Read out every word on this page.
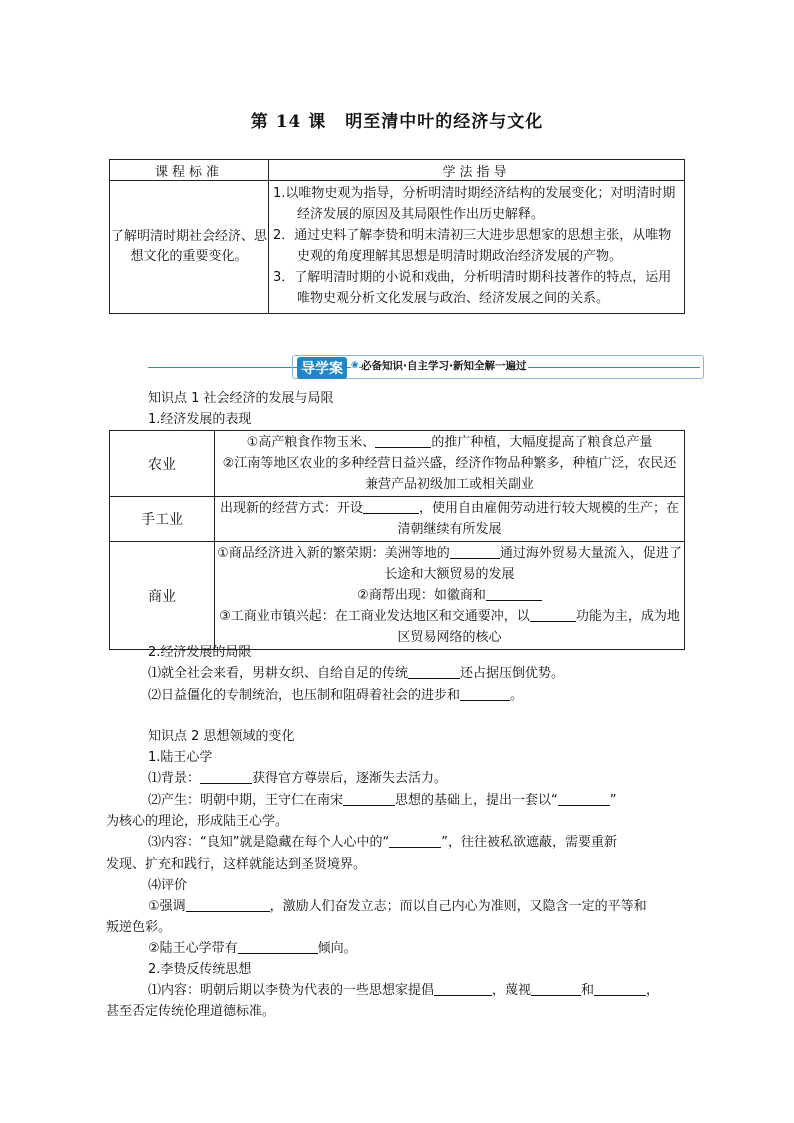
第 14 课 明至清中叶的经济与文化
课程标准	学法指导
了解明清时期社会经济、思想文化的重要变化。	1.以唯物史观为指导，分析明清时期经济结构的发展变化；对明清时期经济发展的原因及其局限性作出历史解释。
2．通过史料了解李贽和明末清初三大进步思想家的思想主张，从唯物史观的角度理解其思想是明清时期政治经济发展的产物。
3．了解明清时期的小说和戏曲，分析明清时期科技著作的特点，运用唯物史观分析文化发展与政治、经济发展之间的关系。
导学案 ◉ 必备知识·自主学习·新知全解一遍过
知识点 1 社会经济的发展与局限
1.经济发展的表现
农业	①高产粮食作物玉米、 的推广种植，大幅度提高了粮食总产量
②江南等地区农业的多种经营日益兴盛，经济作物品种繁多，种植广泛，农民还兼营产品初级加工或相关副业
手工业	出现新的经营方式：开设 ，使用自由雇佣劳动进行较大规模的生产；在清朝继续有所发展
商业	①商品经济进入新的繁荣期：美洲等地的 通过海外贸易大量流入，促进了长途和大额贸易的发展
②商帮出现：如徽商和
③工商业市镇兴起：在工商业发达地区和交通要冲，以 功能为主，成为地区贸易网络的核心
2.经济发展的局限
⑴就全社会来看，男耕女织、自给自足的传统	还占据压倒优势。
⑵日益僵化的专制统治，也压制和阻碍着社会的进步和	。
知识点 2 思想领域的变化
1.陆王心学
⑴背景：	获得官方尊崇后，逐渐失去活力。
⑵产生：明朝中期，王守仁在南宋	思想的基础上，提出一套以“	”
为核心的理论，形成陆王心学。
⑶内容：“良知”就是隐藏在每个人心中的“	”，往往被私欲遮蔽，需要重新
发现、扩充和践行，这样就能达到圣贤境界。
⑷评价
①强调	，激励人们奋发立志；而以自己内心为准则，又隐含一定的平等和
叛逆色彩。
②陆王心学带有	倾向。
2.李贽反传统思想
⑴内容：明朝后期以李贽为代表的一些思想家提倡	，蔑视	和	，
甚至否定传统伦理道德标准。
